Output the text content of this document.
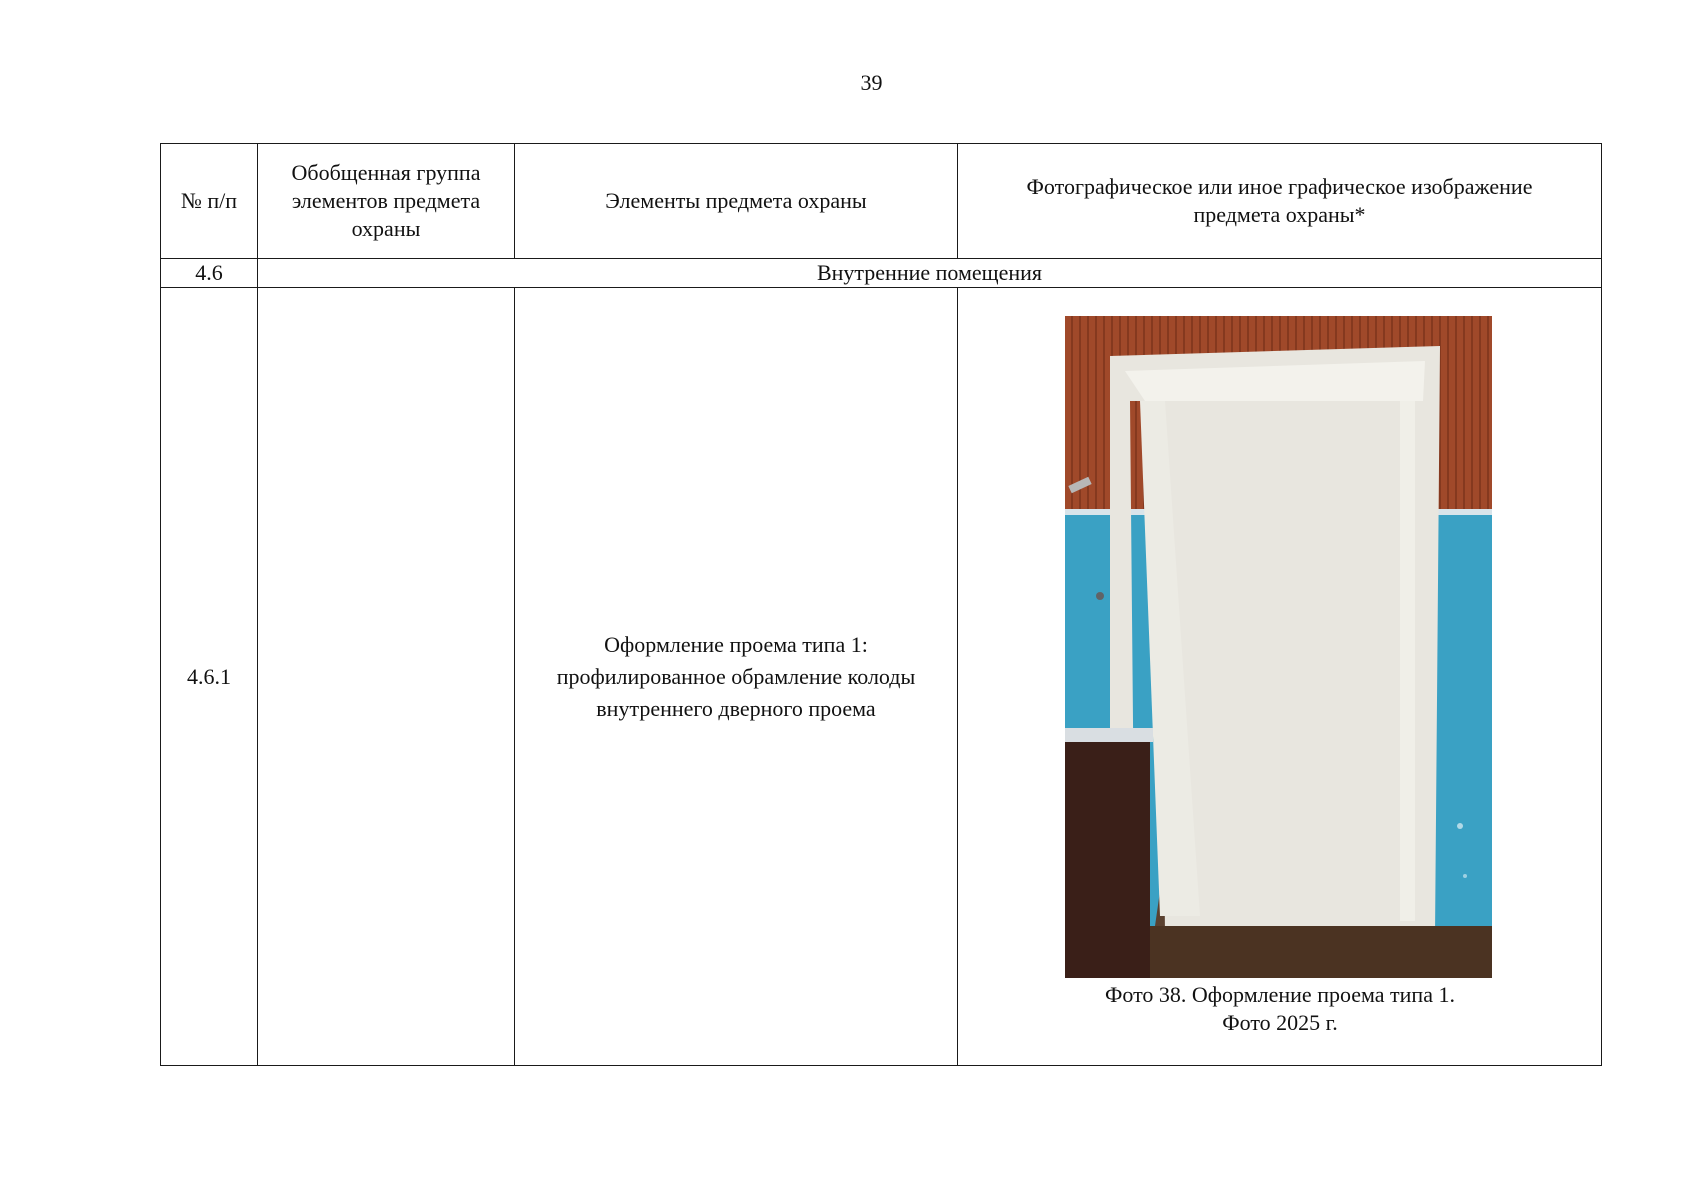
39
№ п/п	Обобщенная группа элементов предмета охраны	Элементы предмета охраны	Фотографическое или иное графическое изображение предмета охраны*
4.6	Внутренние помещения		
4.6.1		Оформление проема типа 1: профилированное обрамление колоды внутреннего дверного проема	Фото 38. Оформление проема типа 1.
Фото 2025 г.
